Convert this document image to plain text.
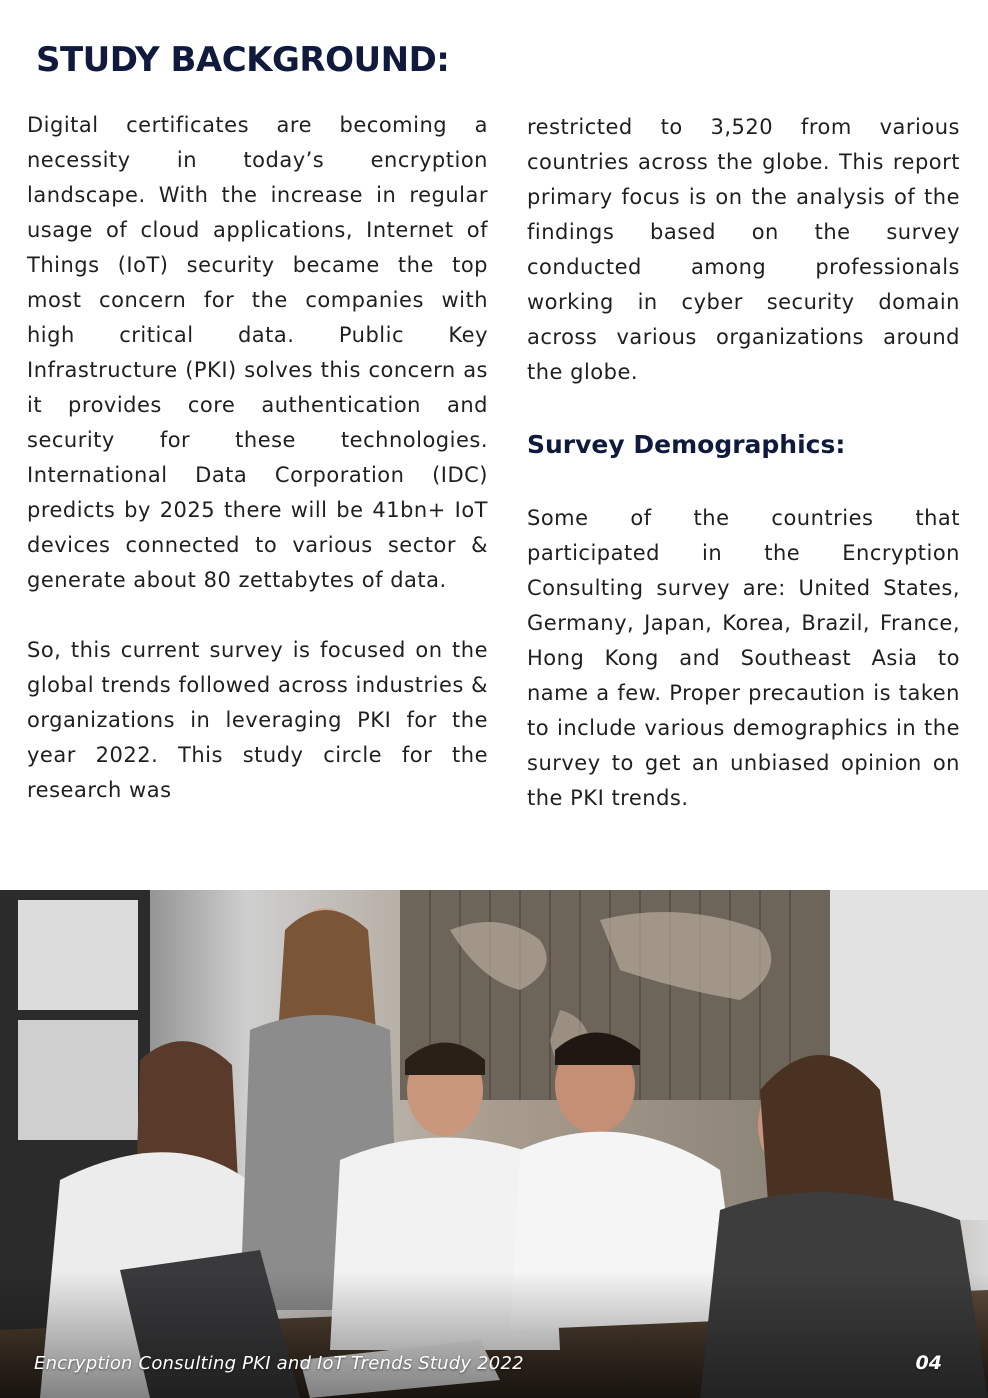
STUDY BACKGROUND:

Digital certificates are becoming a necessity in today’s encryption landscape. With the increase in regular usage of cloud applications, Internet of Things (IoT) security became the top most concern for the companies with high critical data. Public Key Infrastructure (PKI) solves this concern as it provides core authentication and security for these technologies. International Data Corporation (IDC) predicts by 2025 there will be 41bn+ IoT devices connected to various sector & generate about 80 zettabytes of data.

So, this current survey is focused on the global trends followed across industries & organizations in leveraging PKI for the year 2022. This study circle for the research was

restricted to 3,520 from various countries across the globe. This report primary focus is on the analysis of the findings based on the survey conducted among professionals working in cyber security domain across various organizations around the globe.

Survey Demographics:

Some of the countries that participated in the Encryption Consulting survey are: United States, Germany, Japan, Korea, Brazil, France, Hong Kong and Southeast Asia to name a few. Proper precaution is taken to include various demographics in the survey to get an unbiased opinion on the PKI trends.

Encryption Consulting PKI and IoT Trends Study 2022	04
